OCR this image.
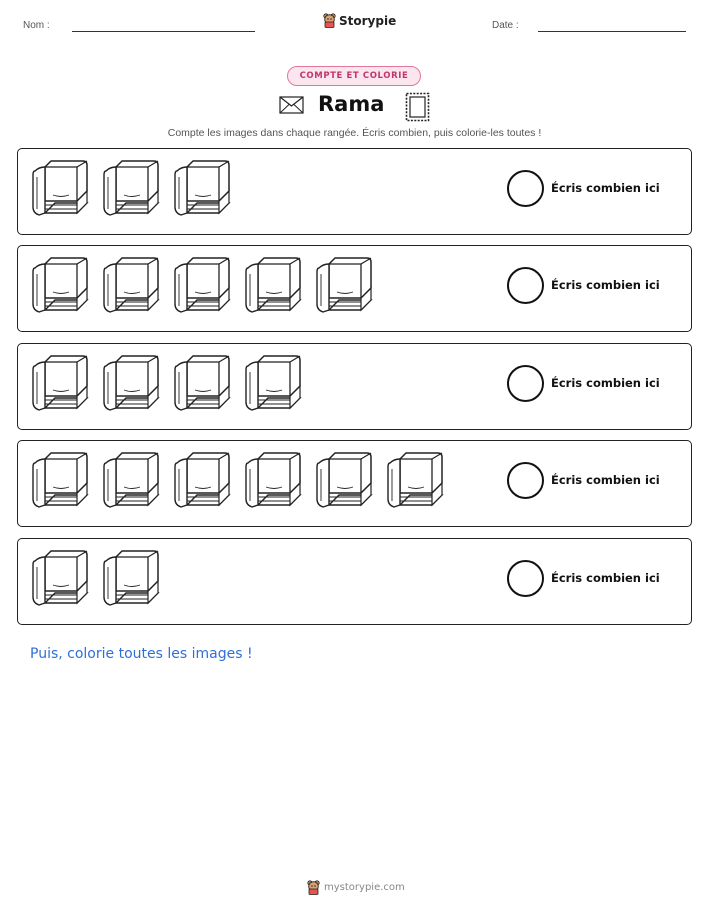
Nom :	Storypie	Date :
COMPTE ET COLORIE
Rama
Compte les images dans chaque rangée. Écris combien, puis colorie-les toutes !
Écris combien ici
Écris combien ici
Écris combien ici
Écris combien ici
Écris combien ici
Puis, colorie toutes les images !
mystorypie.com
